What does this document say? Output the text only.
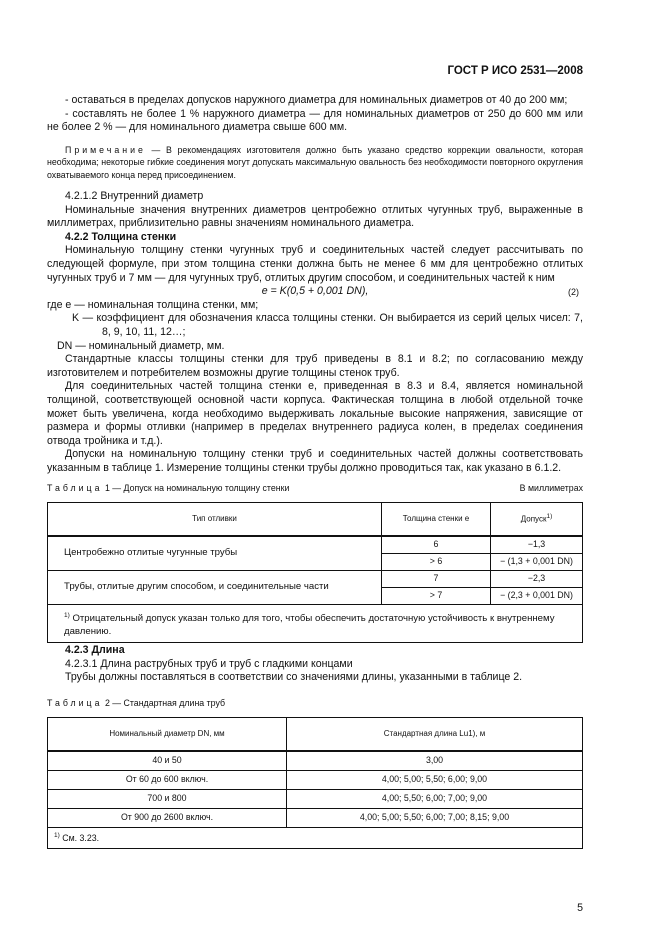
ГОСТ Р ИСО 2531—2008

- оставаться в пределах допусков наружного диаметра для номинальных диаметров от 40 до 200 мм;

- составлять не более 1 % наружного диаметра — для номинальных диаметров от 250 до 600 мм или не более 2 % — для номинального диаметра свыше 600 мм.

Примечание — В рекомендациях изготовителя должно быть указано средство коррекции овальности, которая необходима; некоторые гибкие соединения могут допускать максимальную овальность без необходимости повторного округления охватываемого конца перед присоединением.

4.2.1.2 Внутренний диаметр

Номинальные значения внутренних диаметров центробежно отлитых чугунных труб, выраженные в миллиметрах, приблизительно равны значениям номинального диаметра.

4.2.2 Толщина стенки

Номинальную толщину стенки чугунных труб и соединительных частей следует рассчитывать по следующей формуле, при этом толщина стенки должна быть не менее 6 мм для центробежно отлитых чугунных труб и 7 мм — для чугунных труб, отлитых другим способом, и соединительных частей к ним

e = K(0,5 + 0,001 DN),	(2)

где e — номинальная толщина стенки, мм;

K — коэффициент для обозначения класса толщины стенки. Он выбирается из серий целых чисел: 7, 8, 9, 10, 11, 12…;

DN — номинальный диаметр, мм.

Стандартные классы толщины стенки для труб приведены в 8.1 и 8.2; по согласованию между изготовителем и потребителем возможны другие толщины стенок труб.

Для соединительных частей толщина стенки e, приведенная в 8.3 и 8.4, является номинальной толщиной, соответствующей основной части корпуса. Фактическая толщина в любой отдельной точке может быть увеличена, когда необходимо выдерживать локальные высокие напряжения, зависящие от размера и формы отливки (например в пределах внутреннего радиуса колен, в пределах соединения отвода тройника и т.д.).

Допуски на номинальную толщину стенки труб и соединительных частей должны соответствовать указанным в таблице 1. Измерение толщины стенки трубы должно проводиться так, как указано в 6.1.2.

Таблица 1 — Допуск на номинальную толщину стенки	В миллиметрах
Тип отливки	Толщина стенки e	Допуск$^{1)}$
Центробежно отлитые чугунные трубы	6	−1,3
	> 6	− (1,3 + 0,001 DN)
Трубы, отлитые другим способом, и соединительные части	7	−2,3
	> 7	− (2,3 + 0,001 DN)
$^{1)}$ Отрицательный допуск указан только для того, чтобы обеспечить достаточную устойчивость к внутреннему давлению.		

4.2.3 Длина

4.2.3.1 Длина раструбных труб и труб с гладкими концами

Трубы должны поставляться в соответствии со значениями длины, указанными в таблице 2.

Таблица 2 — Стандартная длина труб
Номинальный диаметр DN, мм	Стандартная длина Lu1), м
40 и 50	3,00
От 60 до 600 включ.	4,00; 5,00; 5,50; 6,00; 9,00
700 и 800	4,00; 5,50; 6,00; 7,00; 9,00
От 900 до 2600 включ.	4,00; 5,00; 5,50; 6,00; 7,00; 8,15; 9,00
$^{1)}$ См. 3.23.	
5
